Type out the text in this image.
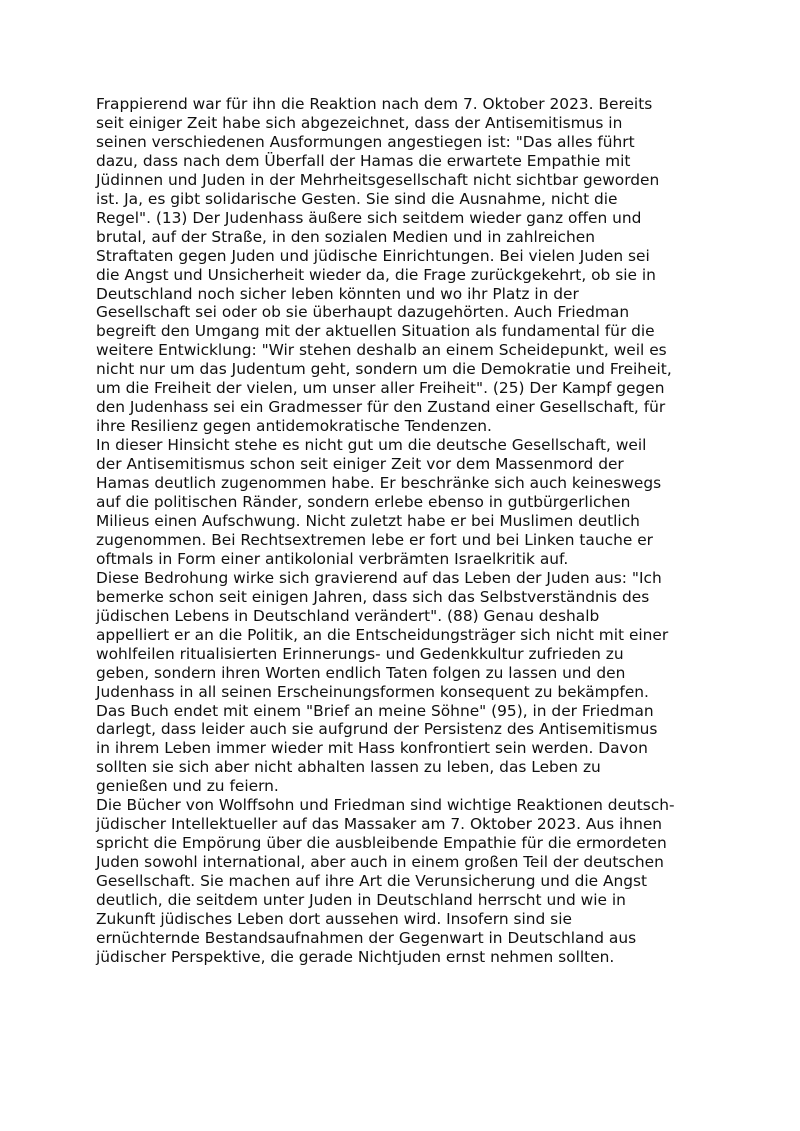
Frappierend war für ihn die Reaktion nach dem 7. Oktober 2023. Bereits
seit einiger Zeit habe sich abgezeichnet, dass der Antisemitismus in
seinen verschiedenen Ausformungen angestiegen ist: "Das alles führt
dazu, dass nach dem Überfall der Hamas die erwartete Empathie mit
Jüdinnen und Juden in der Mehrheitsgesellschaft nicht sichtbar geworden
ist. Ja, es gibt solidarische Gesten. Sie sind die Ausnahme, nicht die
Regel". (13) Der Judenhass äußere sich seitdem wieder ganz offen und
brutal, auf der Straße, in den sozialen Medien und in zahlreichen
Straftaten gegen Juden und jüdische Einrichtungen. Bei vielen Juden sei
die Angst und Unsicherheit wieder da, die Frage zurückgekehrt, ob sie in
Deutschland noch sicher leben könnten und wo ihr Platz in der
Gesellschaft sei oder ob sie überhaupt dazugehörten. Auch Friedman
begreift den Umgang mit der aktuellen Situation als fundamental für die
weitere Entwicklung: "Wir stehen deshalb an einem Scheidepunkt, weil es
nicht nur um das Judentum geht, sondern um die Demokratie und Freiheit,
um die Freiheit der vielen, um unser aller Freiheit". (25) Der Kampf gegen
den Judenhass sei ein Gradmesser für den Zustand einer Gesellschaft, für
ihre Resilienz gegen antidemokratische Tendenzen.
In dieser Hinsicht stehe es nicht gut um die deutsche Gesellschaft, weil
der Antisemitismus schon seit einiger Zeit vor dem Massenmord der
Hamas deutlich zugenommen habe. Er beschränke sich auch keineswegs
auf die politischen Ränder, sondern erlebe ebenso in gutbürgerlichen
Milieus einen Aufschwung. Nicht zuletzt habe er bei Muslimen deutlich
zugenommen. Bei Rechtsextremen lebe er fort und bei Linken tauche er
oftmals in Form einer antikolonial verbrämten Israelkritik auf.
Diese Bedrohung wirke sich gravierend auf das Leben der Juden aus: "Ich
bemerke schon seit einigen Jahren, dass sich das Selbstverständnis des
jüdischen Lebens in Deutschland verändert". (88) Genau deshalb
appelliert er an die Politik, an die Entscheidungsträger sich nicht mit einer
wohlfeilen ritualisierten Erinnerungs- und Gedenkkultur zufrieden zu
geben, sondern ihren Worten endlich Taten folgen zu lassen und den
Judenhass in all seinen Erscheinungsformen konsequent zu bekämpfen.
Das Buch endet mit einem "Brief an meine Söhne" (95), in der Friedman
darlegt, dass leider auch sie aufgrund der Persistenz des Antisemitismus
in ihrem Leben immer wieder mit Hass konfrontiert sein werden. Davon
sollten sie sich aber nicht abhalten lassen zu leben, das Leben zu
genießen und zu feiern.
Die Bücher von Wolffsohn und Friedman sind wichtige Reaktionen deutsch-
jüdischer Intellektueller auf das Massaker am 7. Oktober 2023. Aus ihnen
spricht die Empörung über die ausbleibende Empathie für die ermordeten
Juden sowohl international, aber auch in einem großen Teil der deutschen
Gesellschaft. Sie machen auf ihre Art die Verunsicherung und die Angst
deutlich, die seitdem unter Juden in Deutschland herrscht und wie in
Zukunft jüdisches Leben dort aussehen wird. Insofern sind sie
ernüchternde Bestandsaufnahmen der Gegenwart in Deutschland aus
jüdischer Perspektive, die gerade Nichtjuden ernst nehmen sollten.
